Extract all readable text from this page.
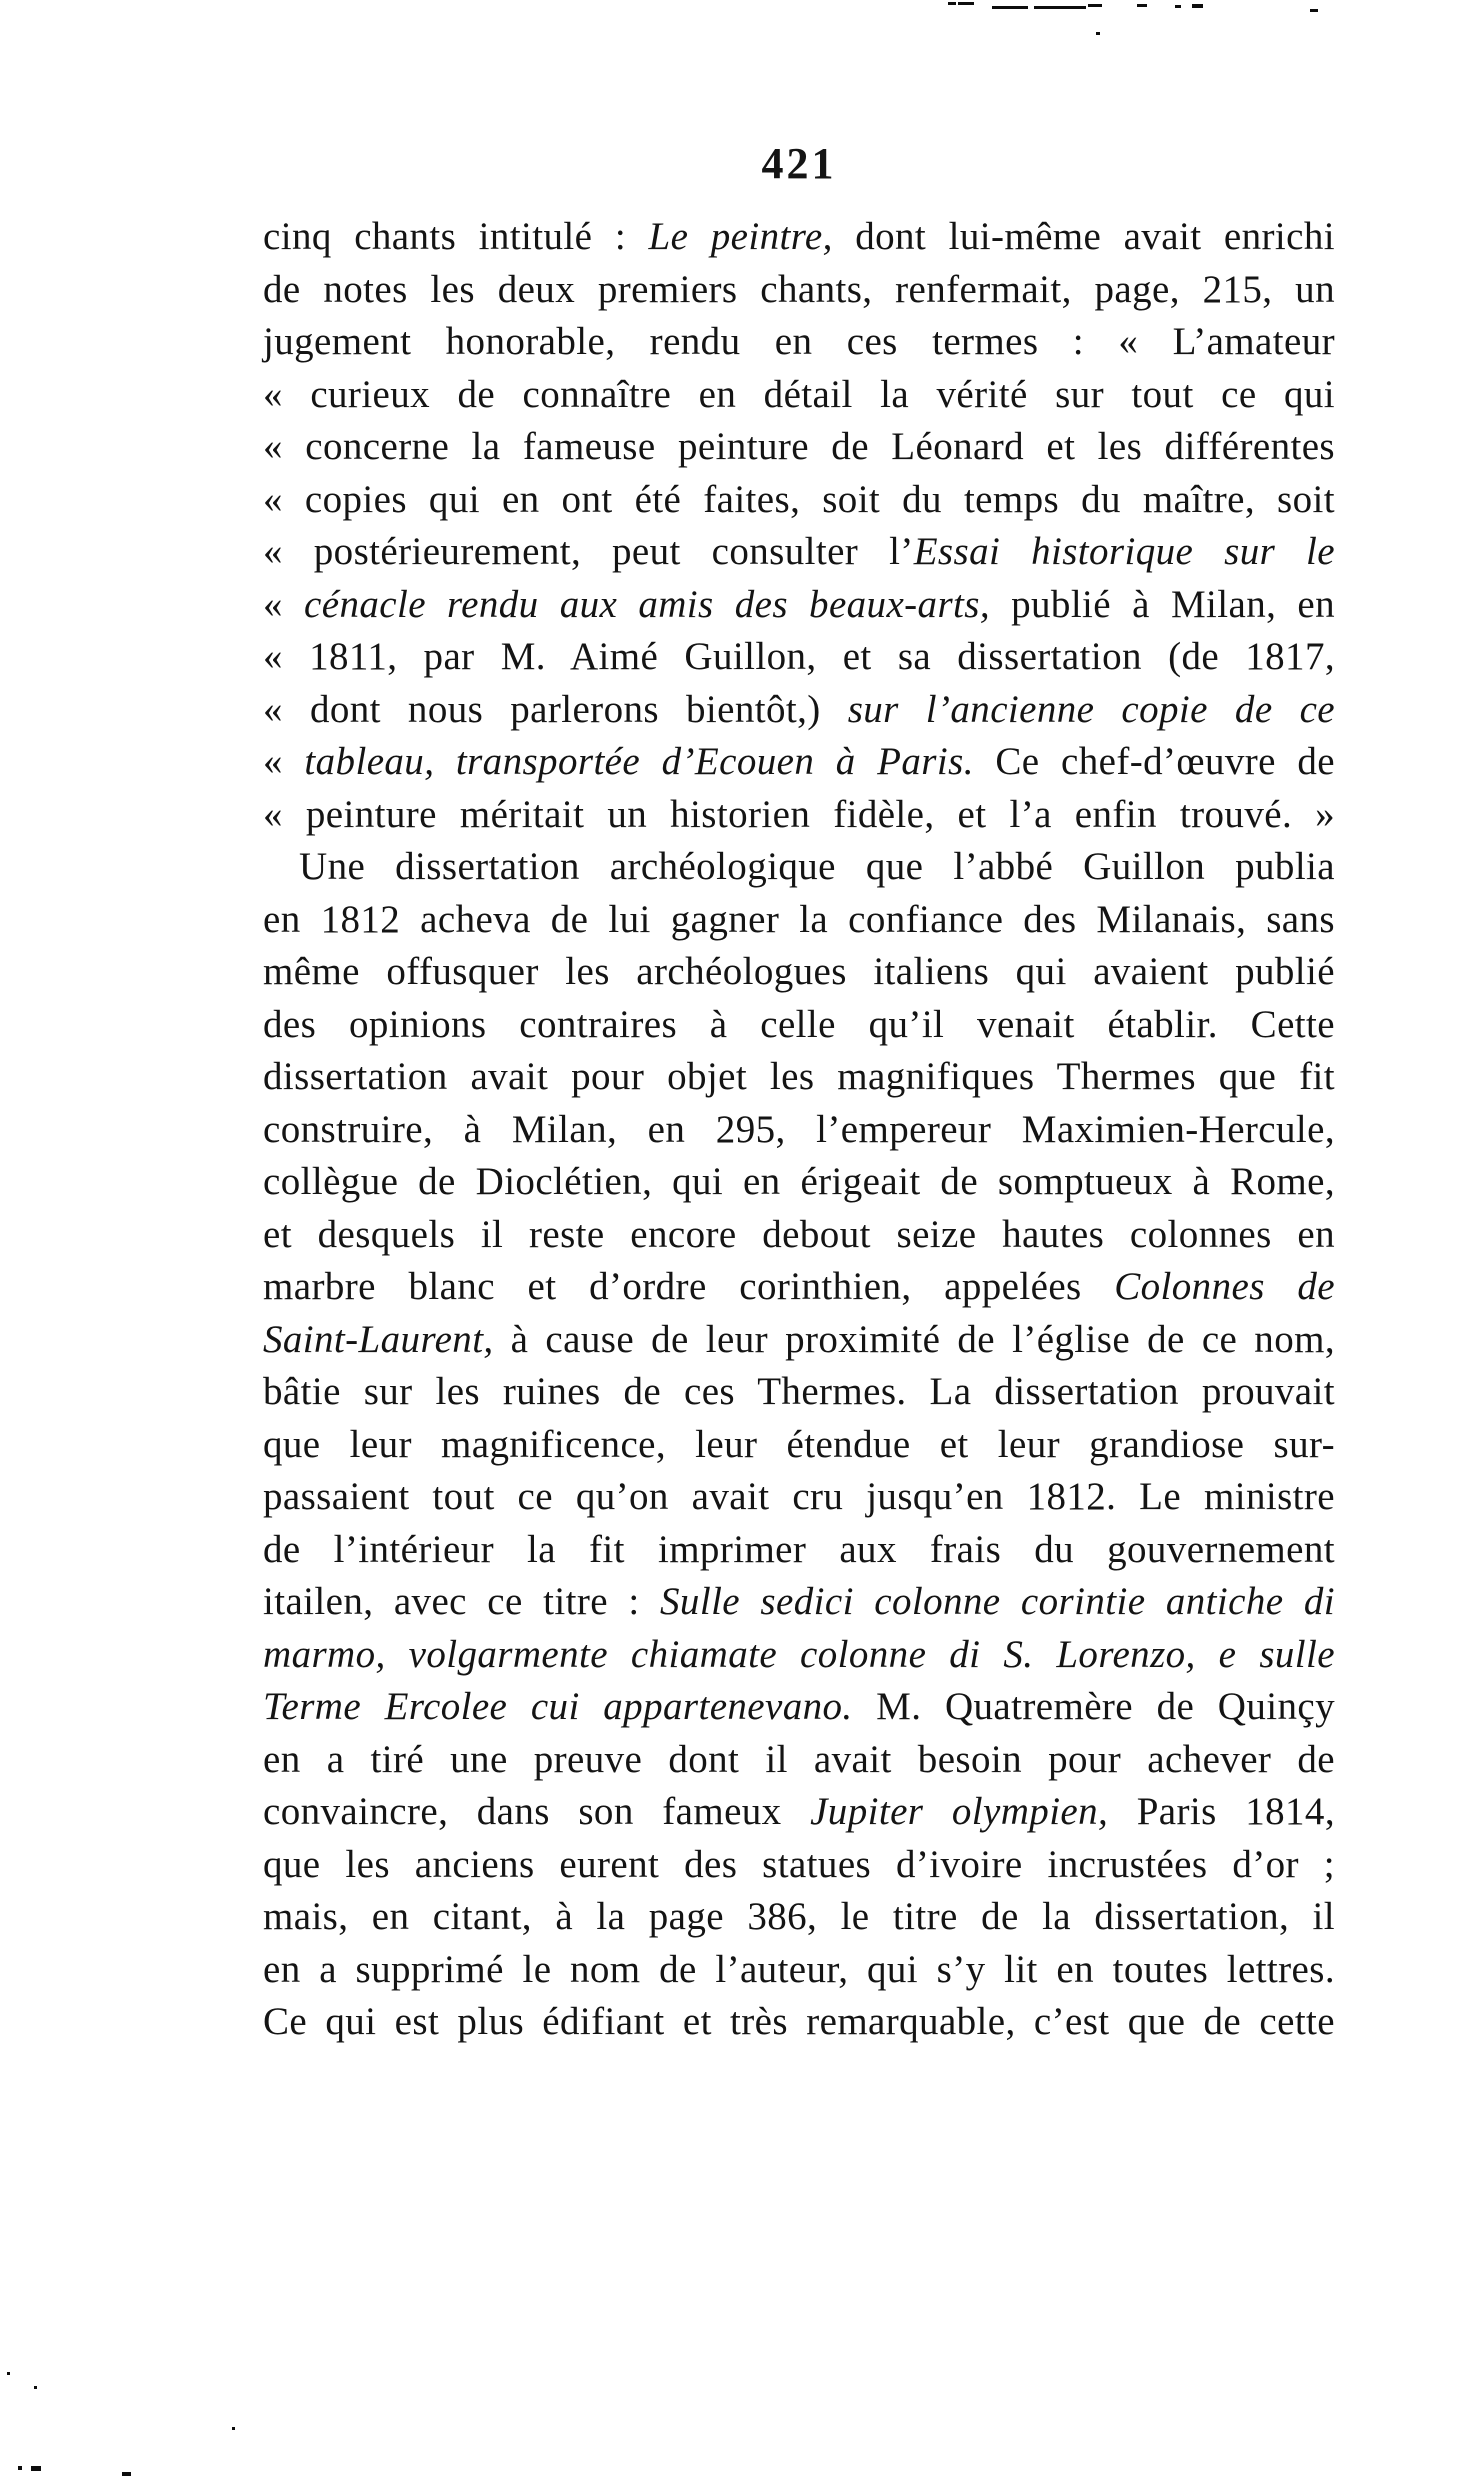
421
cinq chants intitulé : Le peintre, dont lui-même avait enrichi
de notes les deux premiers chants, renfermait, page, 215, un
jugement honorable, rendu en ces termes : « L’amateur
« curieux de connaître en détail la vérité sur tout ce qui
« concerne la fameuse peinture de Léonard et les différentes
« copies qui en ont été faites, soit du temps du maître, soit
« postérieurement, peut consulter l’Essai historique sur le
« cénacle rendu aux amis des beaux-arts, publié à Milan, en
« 1811, par M. Aimé Guillon, et sa dissertation (de 1817,
« dont nous parlerons bientôt,) sur l’ancienne copie de ce
« tableau, transportée d’Ecouen à Paris. Ce chef-d’œuvre de
« peinture méritait un historien fidèle, et l’a enfin trouvé. »
Une dissertation archéologique que l’abbé Guillon publia
en 1812 acheva de lui gagner la confiance des Milanais, sans
même offusquer les archéologues italiens qui avaient publié
des opinions contraires à celle qu’il venait établir. Cette
dissertation avait pour objet les magnifiques Thermes que fit
construire, à Milan, en 295, l’empereur Maximien-Hercule,
collègue de Dioclétien, qui en érigeait de somptueux à Rome,
et desquels il reste encore debout seize hautes colonnes en
marbre blanc et d’ordre corinthien, appelées Colonnes de
Saint-Laurent, à cause de leur proximité de l’église de ce nom,
bâtie sur les ruines de ces Thermes. La dissertation prouvait
que leur magnificence, leur étendue et leur grandiose sur-
passaient tout ce qu’on avait cru jusqu’en 1812. Le ministre
de l’intérieur la fit imprimer aux frais du gouvernement
itailen, avec ce titre : Sulle sedici colonne corintie antiche di
marmo, volgarmente chiamate colonne di S. Lorenzo, e sulle
Terme Ercolee cui appartenevano. M. Quatremère de Quinçy
en a tiré une preuve dont il avait besoin pour achever de
convaincre, dans son fameux Jupiter olympien, Paris 1814,
que les anciens eurent des statues d’ivoire incrustées d’or ;
mais, en citant, à la page 386, le titre de la dissertation, il
en a supprimé le nom de l’auteur, qui s’y lit en toutes lettres.
Ce qui est plus édifiant et très remarquable, c’est que de cette
